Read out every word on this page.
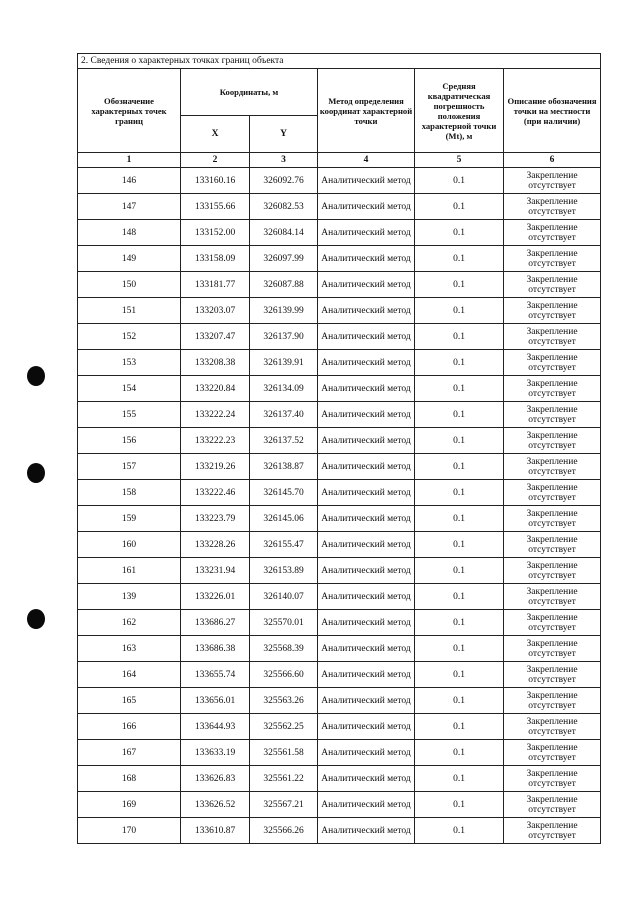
2. Сведения о характерных точках границ объекта					
Обозначение характерных точек границ	Координаты, м		Метод определения координат характерной точки	Средняя квадратическая погрешность положения характерной точки (Mt), м	Описание обозначения точки на местности (при наличии)
	X	Y			
1	2	3	4	5	6
146	133160.16	326092.76	Аналитический метод	0.1	Закрепление отсутствует
147	133155.66	326082.53	Аналитический метод	0.1	Закрепление отсутствует
148	133152.00	326084.14	Аналитический метод	0.1	Закрепление отсутствует
149	133158.09	326097.99	Аналитический метод	0.1	Закрепление отсутствует
150	133181.77	326087.88	Аналитический метод	0.1	Закрепление отсутствует
151	133203.07	326139.99	Аналитический метод	0.1	Закрепление отсутствует
152	133207.47	326137.90	Аналитический метод	0.1	Закрепление отсутствует
153	133208.38	326139.91	Аналитический метод	0.1	Закрепление отсутствует
154	133220.84	326134.09	Аналитический метод	0.1	Закрепление отсутствует
155	133222.24	326137.40	Аналитический метод	0.1	Закрепление отсутствует
156	133222.23	326137.52	Аналитический метод	0.1	Закрепление отсутствует
157	133219.26	326138.87	Аналитический метод	0.1	Закрепление отсутствует
158	133222.46	326145.70	Аналитический метод	0.1	Закрепление отсутствует
159	133223.79	326145.06	Аналитический метод	0.1	Закрепление отсутствует
160	133228.26	326155.47	Аналитический метод	0.1	Закрепление отсутствует
161	133231.94	326153.89	Аналитический метод	0.1	Закрепление отсутствует
139	133226.01	326140.07	Аналитический метод	0.1	Закрепление отсутствует
162	133686.27	325570.01	Аналитический метод	0.1	Закрепление отсутствует
163	133686.38	325568.39	Аналитический метод	0.1	Закрепление отсутствует
164	133655.74	325566.60	Аналитический метод	0.1	Закрепление отсутствует
165	133656.01	325563.26	Аналитический метод	0.1	Закрепление отсутствует
166	133644.93	325562.25	Аналитический метод	0.1	Закрепление отсутствует
167	133633.19	325561.58	Аналитический метод	0.1	Закрепление отсутствует
168	133626.83	325561.22	Аналитический метод	0.1	Закрепление отсутствует
169	133626.52	325567.21	Аналитический метод	0.1	Закрепление отсутствует
170	133610.87	325566.26	Аналитический метод	0.1	Закрепление отсутствует
